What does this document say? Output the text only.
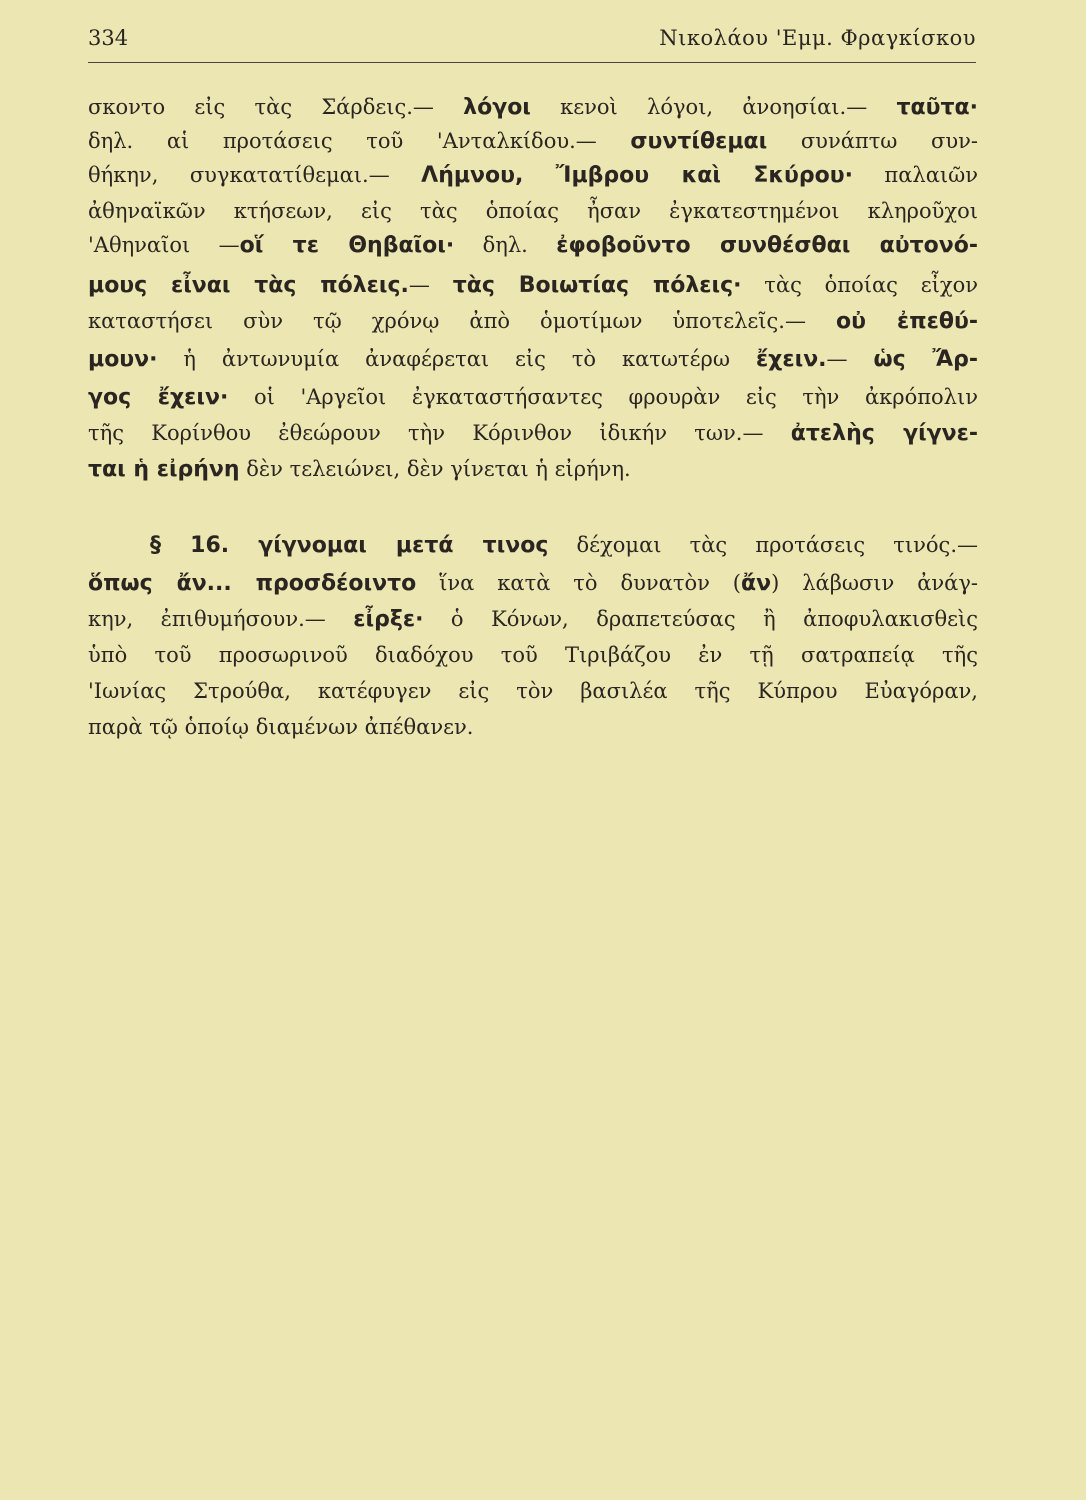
334	Νικολάου 'Εμμ. Φραγκίσκου
σκοντο εἰς τὰς Σάρδεις.— λόγοι κενοὶ λόγοι, ἀνοησίαι.— ταῦτα·
δηλ. αἱ προτάσεις τοῦ 'Ανταλκίδου.— συντίθεμαι συνάπτω συν-
θήκην, συγκατατίθεμαι.— Λήμνου, Ἴμβρου καὶ Σκύρου· παλαιῶν
ἀθηναϊκῶν κτήσεων, εἰς τὰς ὁποίας ἦσαν ἐγκατεστημένοι κληροῦχοι
'Αθηναῖοι —οἵ τε Θηβαῖοι· δηλ. ἐφοβοῦντο συνθέσθαι αὐτονό-
μους εἶναι τὰς πόλεις.— τὰς Βοιωτίας πόλεις· τὰς ὁποίας εἶχον
καταστήσει σὺν τῷ χρόνῳ ἀπὸ ὁμοτίμων ὑποτελεῖς.— οὐ ἐπεθύ-
μουν· ἡ ἀντωνυμία ἀναφέρεται εἰς τὸ κατωτέρω ἔχειν.— ὡς Ἄρ-
γος ἔχειν· οἱ 'Αργεῖοι ἐγκαταστήσαντες φρουρὰν εἰς τὴν ἀκρόπολιν
τῆς Κορίνθου ἐθεώρουν τὴν Κόρινθον ἰδικήν των.— ἀτελὴς γίγνε-
ται ἡ εἰρήνη δὲν τελειώνει, δὲν γίνεται ἡ εἰρήνη.
§ 16. γίγνομαι μετά τινος δέχομαι τὰς προτάσεις τινός.—
ὅπως ἄν... προσδέοιντο ἵνα κατὰ τὸ δυνατὸν (ἄν) λάβωσιν ἀνάγ-
κην, ἐπιθυμήσουν.— εἶρξε· ὁ Κόνων, δραπετεύσας ἢ ἀποφυλακισθεὶς
ὑπὸ τοῦ προσωρινοῦ διαδόχου τοῦ Τιριβάζου ἐν τῇ σατραπείᾳ τῆς
'Ιωνίας Στρούθα, κατέφυγεν εἰς τὸν βασιλέα τῆς Κύπρου Εὐαγόραν,
παρὰ τῷ ὁποίῳ διαμένων ἀπέθανεν.
